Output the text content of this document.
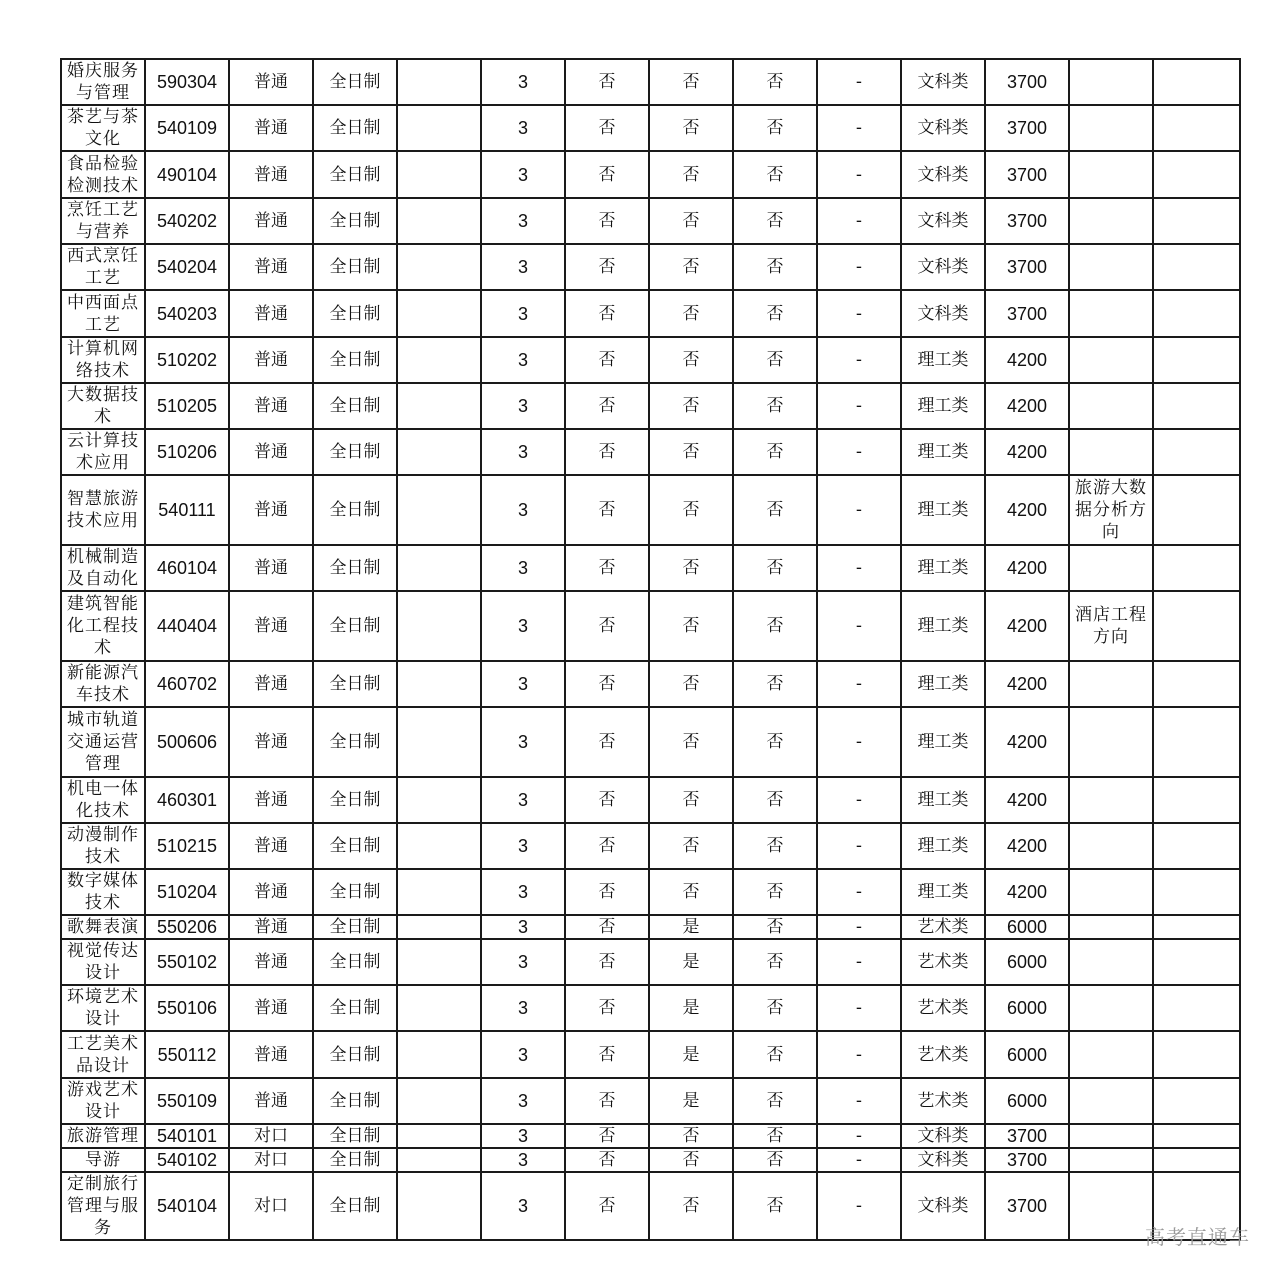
婚庆服务与管理	590304	普通	全日制		3	否	否	否	-	文科类	3700		
茶艺与茶文化	540109	普通	全日制		3	否	否	否	-	文科类	3700		
食品检验检测技术	490104	普通	全日制		3	否	否	否	-	文科类	3700		
烹饪工艺与营养	540202	普通	全日制		3	否	否	否	-	文科类	3700		
西式烹饪工艺	540204	普通	全日制		3	否	否	否	-	文科类	3700		
中西面点工艺	540203	普通	全日制		3	否	否	否	-	文科类	3700		
计算机网络技术	510202	普通	全日制		3	否	否	否	-	理工类	4200		
大数据技术	510205	普通	全日制		3	否	否	否	-	理工类	4200		
云计算技术应用	510206	普通	全日制		3	否	否	否	-	理工类	4200		
智慧旅游技术应用	540111	普通	全日制		3	否	否	否	-	理工类	4200	旅游大数据分析方向	
机械制造及自动化	460104	普通	全日制		3	否	否	否	-	理工类	4200		
建筑智能化工程技术	440404	普通	全日制		3	否	否	否	-	理工类	4200	酒店工程方向	
新能源汽车技术	460702	普通	全日制		3	否	否	否	-	理工类	4200		
城市轨道交通运营管理	500606	普通	全日制		3	否	否	否	-	理工类	4200		
机电一体化技术	460301	普通	全日制		3	否	否	否	-	理工类	4200		
动漫制作技术	510215	普通	全日制		3	否	否	否	-	理工类	4200		
数字媒体技术	510204	普通	全日制		3	否	否	否	-	理工类	4200		
歌舞表演	550206	普通	全日制		3	否	是	否	-	艺术类	6000		
视觉传达设计	550102	普通	全日制		3	否	是	否	-	艺术类	6000		
环境艺术设计	550106	普通	全日制		3	否	是	否	-	艺术类	6000		
工艺美术品设计	550112	普通	全日制		3	否	是	否	-	艺术类	6000		
游戏艺术设计	550109	普通	全日制		3	否	是	否	-	艺术类	6000		
旅游管理	540101	对口	全日制		3	否	否	否	-	文科类	3700		
导游	540102	对口	全日制		3	否	否	否	-	文科类	3700		
定制旅行管理与服务	540104	对口	全日制		3	否	否	否	-	文科类	3700		
高考直通车
